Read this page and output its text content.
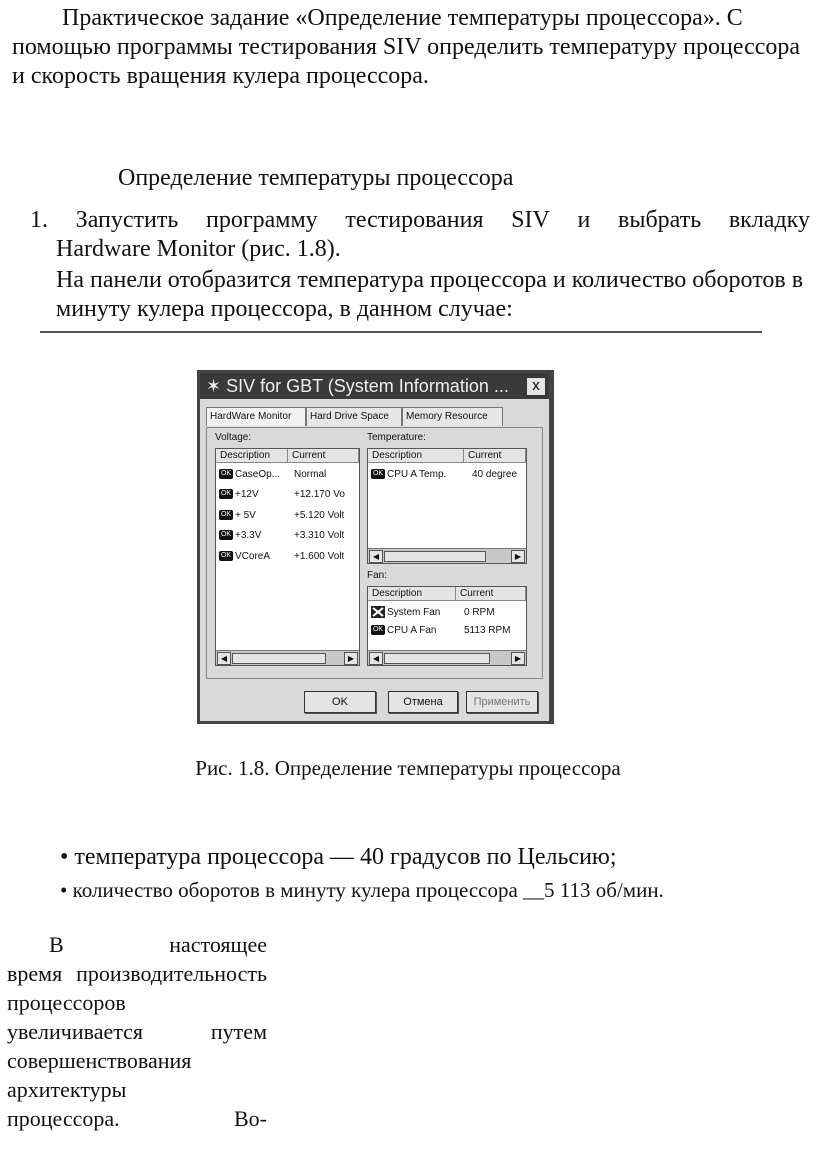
Практическое задание «Определение температуры процессора». С помощью программы тестирования SIV определить температуру процессора и скорость вращения кулера процессора.

Определение температуры процессора

1. Запустить программу тестирования SIV и выбрать вкладку
Hardware Monitor (рис. 1.8).
На панели отобразится температура процессора и количество оборотов в минуту кулера процессора, в данном случае:
✶ SIV for GBT (System Information ...	x
HardWare Monitor	Hard Drive Space	Memory Resource
Voltage:
Description	Current
OK CaseOp... Normal
OK +12V	+12.170 Vo
OK + 5V	+5.120 Volt
OK +3.3V	+3.310 Volt
OK VCoreA +1.600 Volt
◀	▶
Temperature:
Description	Current
OK CPU A Temp.	40 degree
◀	▶
Fan:
Description	Current
System Fan 0 RPM
OK CPU A Fan	5113 RPM
◀	▶
OK	Отмена	Применить
Рис. 1.8. Определение температуры процессора
• температура процессора — 40 градусов по Цельсию;
• количество оборотов в минуту кулера процессора __5 113 об/мин.
В	настоящее
время производительность процессоров увеличивается путем совершенствования архитектуры
процессора.	Во-
